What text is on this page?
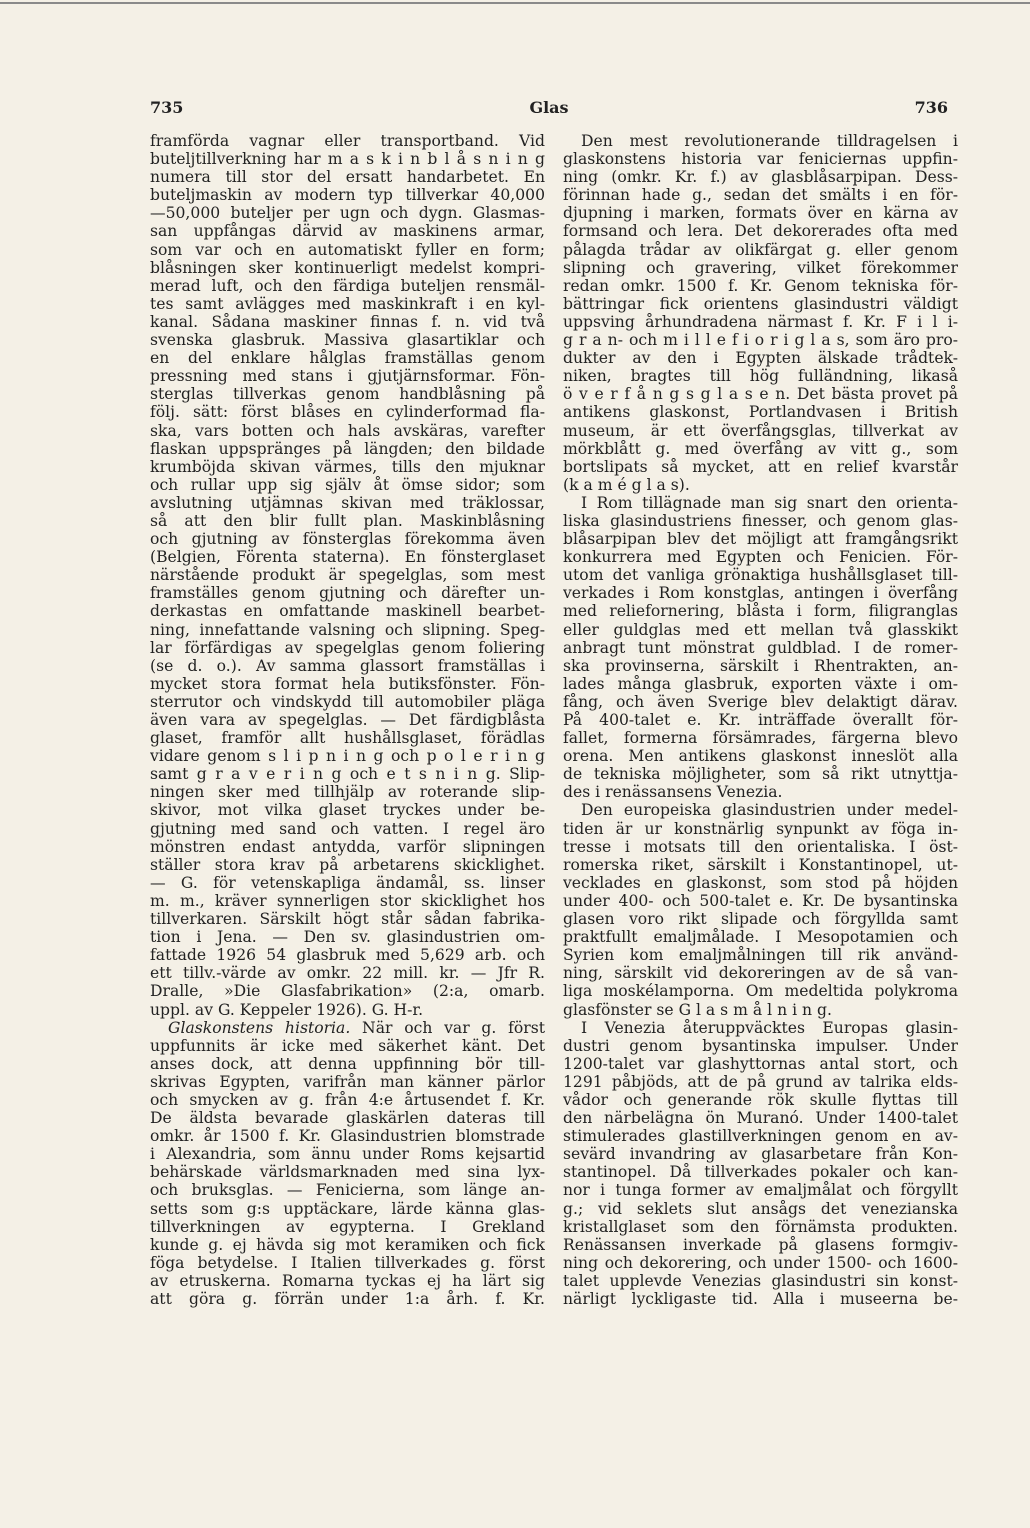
735	Glas	736
framförda vagnar eller transportband. Vid
buteljtillverkning har m a s k i n b l å s n i n g
numera till stor del ersatt handarbetet. En
buteljmaskin av modern typ tillverkar 40,000
—50,000 buteljer per ugn och dygn. Glasmas-
san uppfångas därvid av maskinens armar,
som var och en automatiskt fyller en form;
blåsningen sker kontinuerligt medelst kompri-
merad luft, och den färdiga buteljen rensmäl-
tes samt avlägges med maskinkraft i en kyl-
kanal. Sådana maskiner finnas f. n. vid två
svenska glasbruk. Massiva glasartiklar och
en del enklare hålglas framställas genom
pressning med stans i gjutjärnsformar. Fön-
sterglas tillverkas genom handblåsning på
följ. sätt: först blåses en cylinderformad fla-
ska, vars botten och hals avskäras, varefter
flaskan uppspränges på längden; den bildade
krumböjda skivan värmes, tills den mjuknar
och rullar upp sig själv åt ömse sidor; som
avslutning utjämnas skivan med träklossar,
så att den blir fullt plan. Maskinblåsning
och gjutning av fönsterglas förekomma även
(Belgien, Förenta staterna). En fönsterglaset
närstående produkt är spegelglas, som mest
framställes genom gjutning och därefter un-
derkastas en omfattande maskinell bearbet-
ning, innefattande valsning och slipning. Speg-
lar förfärdigas av spegelglas genom foliering
(se d. o.). Av samma glassort framställas i
mycket stora format hela butiksfönster. Fön-
sterrutor och vindskydd till automobiler pläga
även vara av spegelglas. — Det färdigblåsta
glaset, framför allt hushållsglaset, förädlas
vidare genom s l i p n i n g och p o l e r i n g
samt g r a v e r i n g och e t s n i n g. Slip-
ningen sker med tillhjälp av roterande slip-
skivor, mot vilka glaset tryckes under be-
gjutning med sand och vatten. I regel äro
mönstren endast antydda, varför slipningen
ställer stora krav på arbetarens skicklighet.
— G. för vetenskapliga ändamål, ss. linser
m. m., kräver synnerligen stor skicklighet hos
tillverkaren. Särskilt högt står sådan fabrika-
tion i Jena. — Den sv. glasindustrien om-
fattade 1926 54 glasbruk med 5,629 arb. och
ett tillv.-värde av omkr. 22 mill. kr. — Jfr R.
Dralle, »Die Glasfabrikation» (2:a, omarb.
uppl. av G. Keppeler 1926). G. H-r.
Glaskonstens historia. När och var g. först
uppfunnits är icke med säkerhet känt. Det
anses dock, att denna uppfinning bör till-
skrivas Egypten, varifrån man känner pärlor
och smycken av g. från 4:e årtusendet f. Kr.
De äldsta bevarade glaskärlen dateras till
omkr. år 1500 f. Kr. Glasindustrien blomstrade
i Alexandria, som ännu under Roms kejsartid
behärskade världsmarknaden med sina lyx-
och bruksglas. — Fenicierna, som länge an-
setts som g:s upptäckare, lärde känna glas-
tillverkningen av egypterna. I Grekland
kunde g. ej hävda sig mot keramiken och fick
föga betydelse. I Italien tillverkades g. först
av etruskerna. Romarna tyckas ej ha lärt sig
att göra g. förrän under 1:a årh. f. Kr.
Den mest revolutionerande tilldragelsen i
glaskonstens historia var feniciernas uppfin-
ning (omkr. Kr. f.) av glasblåsarpipan. Dess-
förinnan hade g., sedan det smälts i en för-
djupning i marken, formats över en kärna av
formsand och lera. Det dekorerades ofta med
pålagda trådar av olikfärgat g. eller genom
slipning och gravering, vilket förekommer
redan omkr. 1500 f. Kr. Genom tekniska för-
bättringar fick orientens glasindustri väldigt
uppsving århundradena närmast f. Kr. F i l i-
g r a n- och m i l l e f i o r i g l a s, som äro pro-
dukter av den i Egypten älskade trådtek-
niken, bragtes till hög fulländning, likaså
ö v e r f å n g s g l a s e n. Det bästa provet på
antikens glaskonst, Portlandvasen i British
museum, är ett överfångsglas, tillverkat av
mörkblått g. med överfång av vitt g., som
bortslipats så mycket, att en relief kvarstår
(k a m é g l a s).
I Rom tillägnade man sig snart den orienta-
liska glasindustriens finesser, och genom glas-
blåsarpipan blev det möjligt att framgångsrikt
konkurrera med Egypten och Fenicien. För-
utom det vanliga grönaktiga hushållsglaset till-
verkades i Rom konstglas, antingen i överfång
med reliefornering, blåsta i form, filigranglas
eller guldglas med ett mellan två glasskikt
anbragt tunt mönstrat guldblad. I de romer-
ska provinserna, särskilt i Rhentrakten, an-
lades många glasbruk, exporten växte i om-
fång, och även Sverige blev delaktigt därav.
På 400-talet e. Kr. inträffade överallt för-
fallet, formerna försämrades, färgerna blevo
orena. Men antikens glaskonst inneslöt alla
de tekniska möjligheter, som så rikt utnyttja-
des i renässansens Venezia.
Den europeiska glasindustrien under medel-
tiden är ur konstnärlig synpunkt av föga in-
tresse i motsats till den orientaliska. I öst-
romerska riket, särskilt i Konstantinopel, ut-
vecklades en glaskonst, som stod på höjden
under 400- och 500-talet e. Kr. De bysantinska
glasen voro rikt slipade och förgyllda samt
praktfullt emaljmålade. I Mesopotamien och
Syrien kom emaljmålningen till rik använd-
ning, särskilt vid dekoreringen av de så van-
liga moskélamporna. Om medeltida polykroma
glasfönster se G l a s m å l n i n g.
I Venezia återuppväcktes Europas glasin-
dustri genom bysantinska impulser. Under
1200-talet var glashyttornas antal stort, och
1291 påbjöds, att de på grund av talrika elds-
vådor och generande rök skulle flyttas till
den närbelägna ön Muranó. Under 1400-talet
stimulerades glastillverkningen genom en av-
sevärd invandring av glasarbetare från Kon-
stantinopel. Då tillverkades pokaler och kan-
nor i tunga former av emaljmålat och förgyllt
g.; vid seklets slut ansågs det venezianska
kristallglaset som den förnämsta produkten.
Renässansen inverkade på glasens formgiv-
ning och dekorering, och under 1500- och 1600-
talet upplevde Venezias glasindustri sin konst-
närligt lyckligaste tid. Alla i museerna be-
